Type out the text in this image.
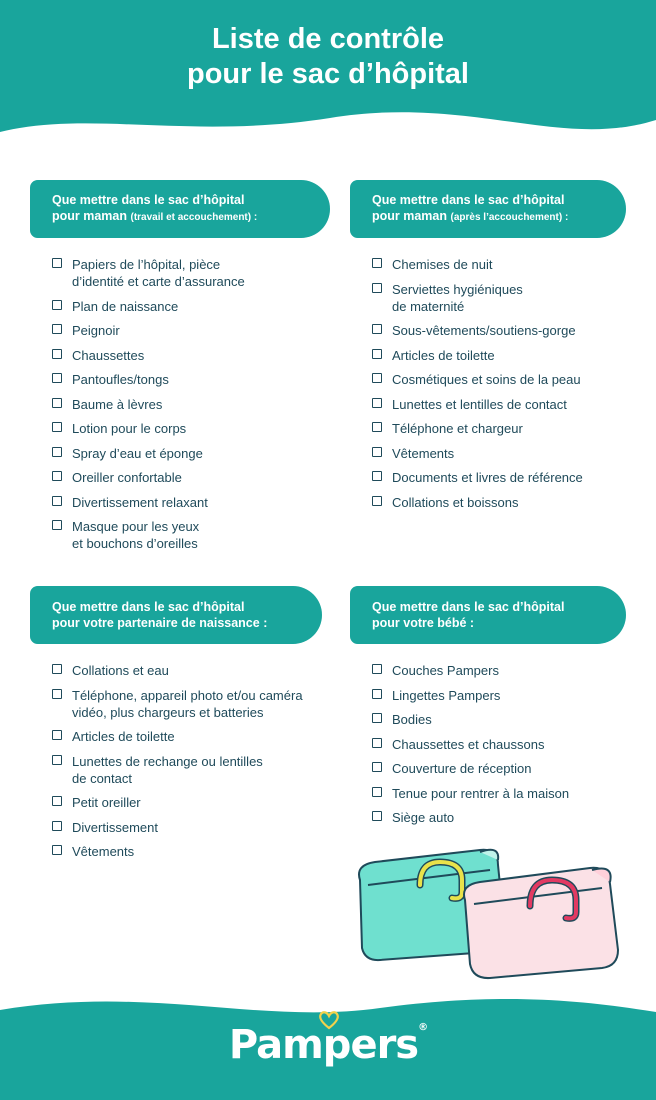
Liste de contrôle
pour le sac d’hôpital
Que mettre dans le sac d’hôpital
pour maman (travail et accouchement) :
Papiers de l’hôpital, pièce
d’identité et carte d’assurance
Plan de naissance
Peignoir
Chaussettes
Pantoufles/tongs
Baume à lèvres
Lotion pour le corps
Spray d’eau et éponge
Oreiller confortable
Divertissement relaxant
Masque pour les yeux
et bouchons d’oreilles
Que mettre dans le sac d’hôpital
pour maman (après l’accouchement) :
Chemises de nuit
Serviettes hygiéniques
de maternité
Sous-vêtements/soutiens-gorge
Articles de toilette
Cosmétiques et soins de la peau
Lunettes et lentilles de contact
Téléphone et chargeur
Vêtements
Documents et livres de référence
Collations et boissons
Que mettre dans le sac d’hôpital
pour votre partenaire de naissance :
Collations et eau
Téléphone, appareil photo et/ou caméra
vidéo, plus chargeurs et batteries
Articles de toilette
Lunettes de rechange ou lentilles
de contact
Petit oreiller
Divertissement
Vêtements
Que mettre dans le sac d’hôpital
pour votre bébé :
Couches Pampers
Lingettes Pampers
Bodies
Chaussettes et chaussons
Couverture de réception
Tenue pour rentrer à la maison
Siège auto
Pampers®
